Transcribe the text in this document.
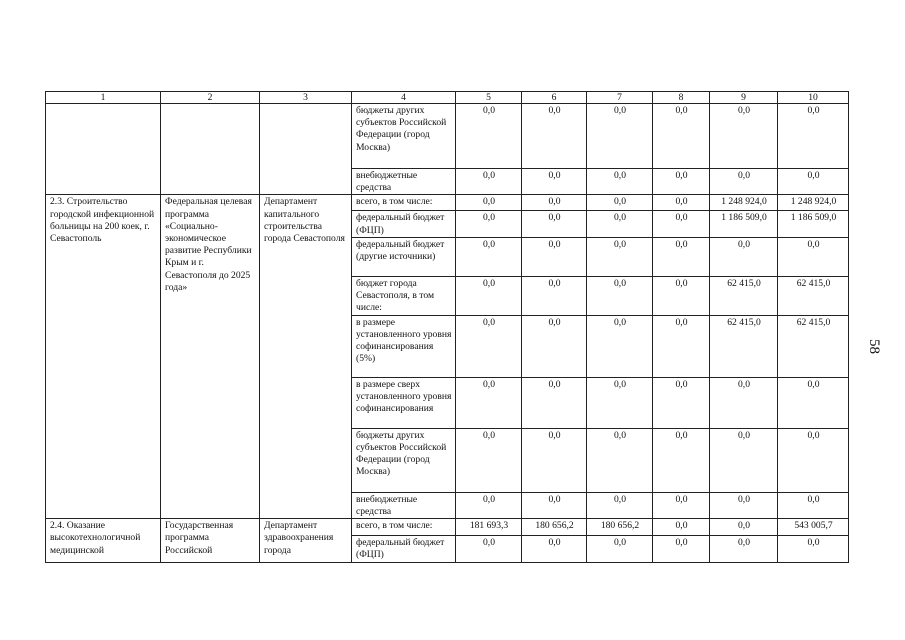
58
1	2	3	4	5	6	7	8	9	10
			бюджеты других субъектов Российской Федерации (город Москва)	0,0	0,0	0,0	0,0	0,0	0,0
			внебюджетные средства	0,0	0,0	0,0	0,0	0,0	0,0
2.3. Строительство городской инфекционной больницы на 200 коек, г. Севастополь	Федеральная целевая программа «Социально-экономическое развитие Республики Крым и г. Севастополя до 2025 года»	Департамент капитального строительства города Севастополя	всего, в том числе:	0,0	0,0	0,0	0,0	1 248 924,0	1 248 924,0
			федеральный бюджет (ФЦП)	0,0	0,0	0,0	0,0	1 186 509,0	1 186 509,0
			федеральный бюджет (другие источники)	0,0	0,0	0,0	0,0	0,0	0,0
			бюджет города Севастополя, в том числе:	0,0	0,0	0,0	0,0	62 415,0	62 415,0
			в размере установленного уровня софинансирования (5%)	0,0	0,0	0,0	0,0	62 415,0	62 415,0
			в размере сверх установленного уровня софинансирования	0,0	0,0	0,0	0,0	0,0	0,0
			бюджеты других субъектов Российской Федерации (город Москва)	0,0	0,0	0,0	0,0	0,0	0,0
			внебюджетные средства	0,0	0,0	0,0	0,0	0,0	0,0
2.4. Оказание высокотехнологичной медицинской	Государственная программа Российской	Департамент здравоохранения города	всего, в том числе:	181 693,3	180 656,2	180 656,2	0,0	0,0	543 005,7
			федеральный бюджет (ФЦП)	0,0	0,0	0,0	0,0	0,0	0,0
